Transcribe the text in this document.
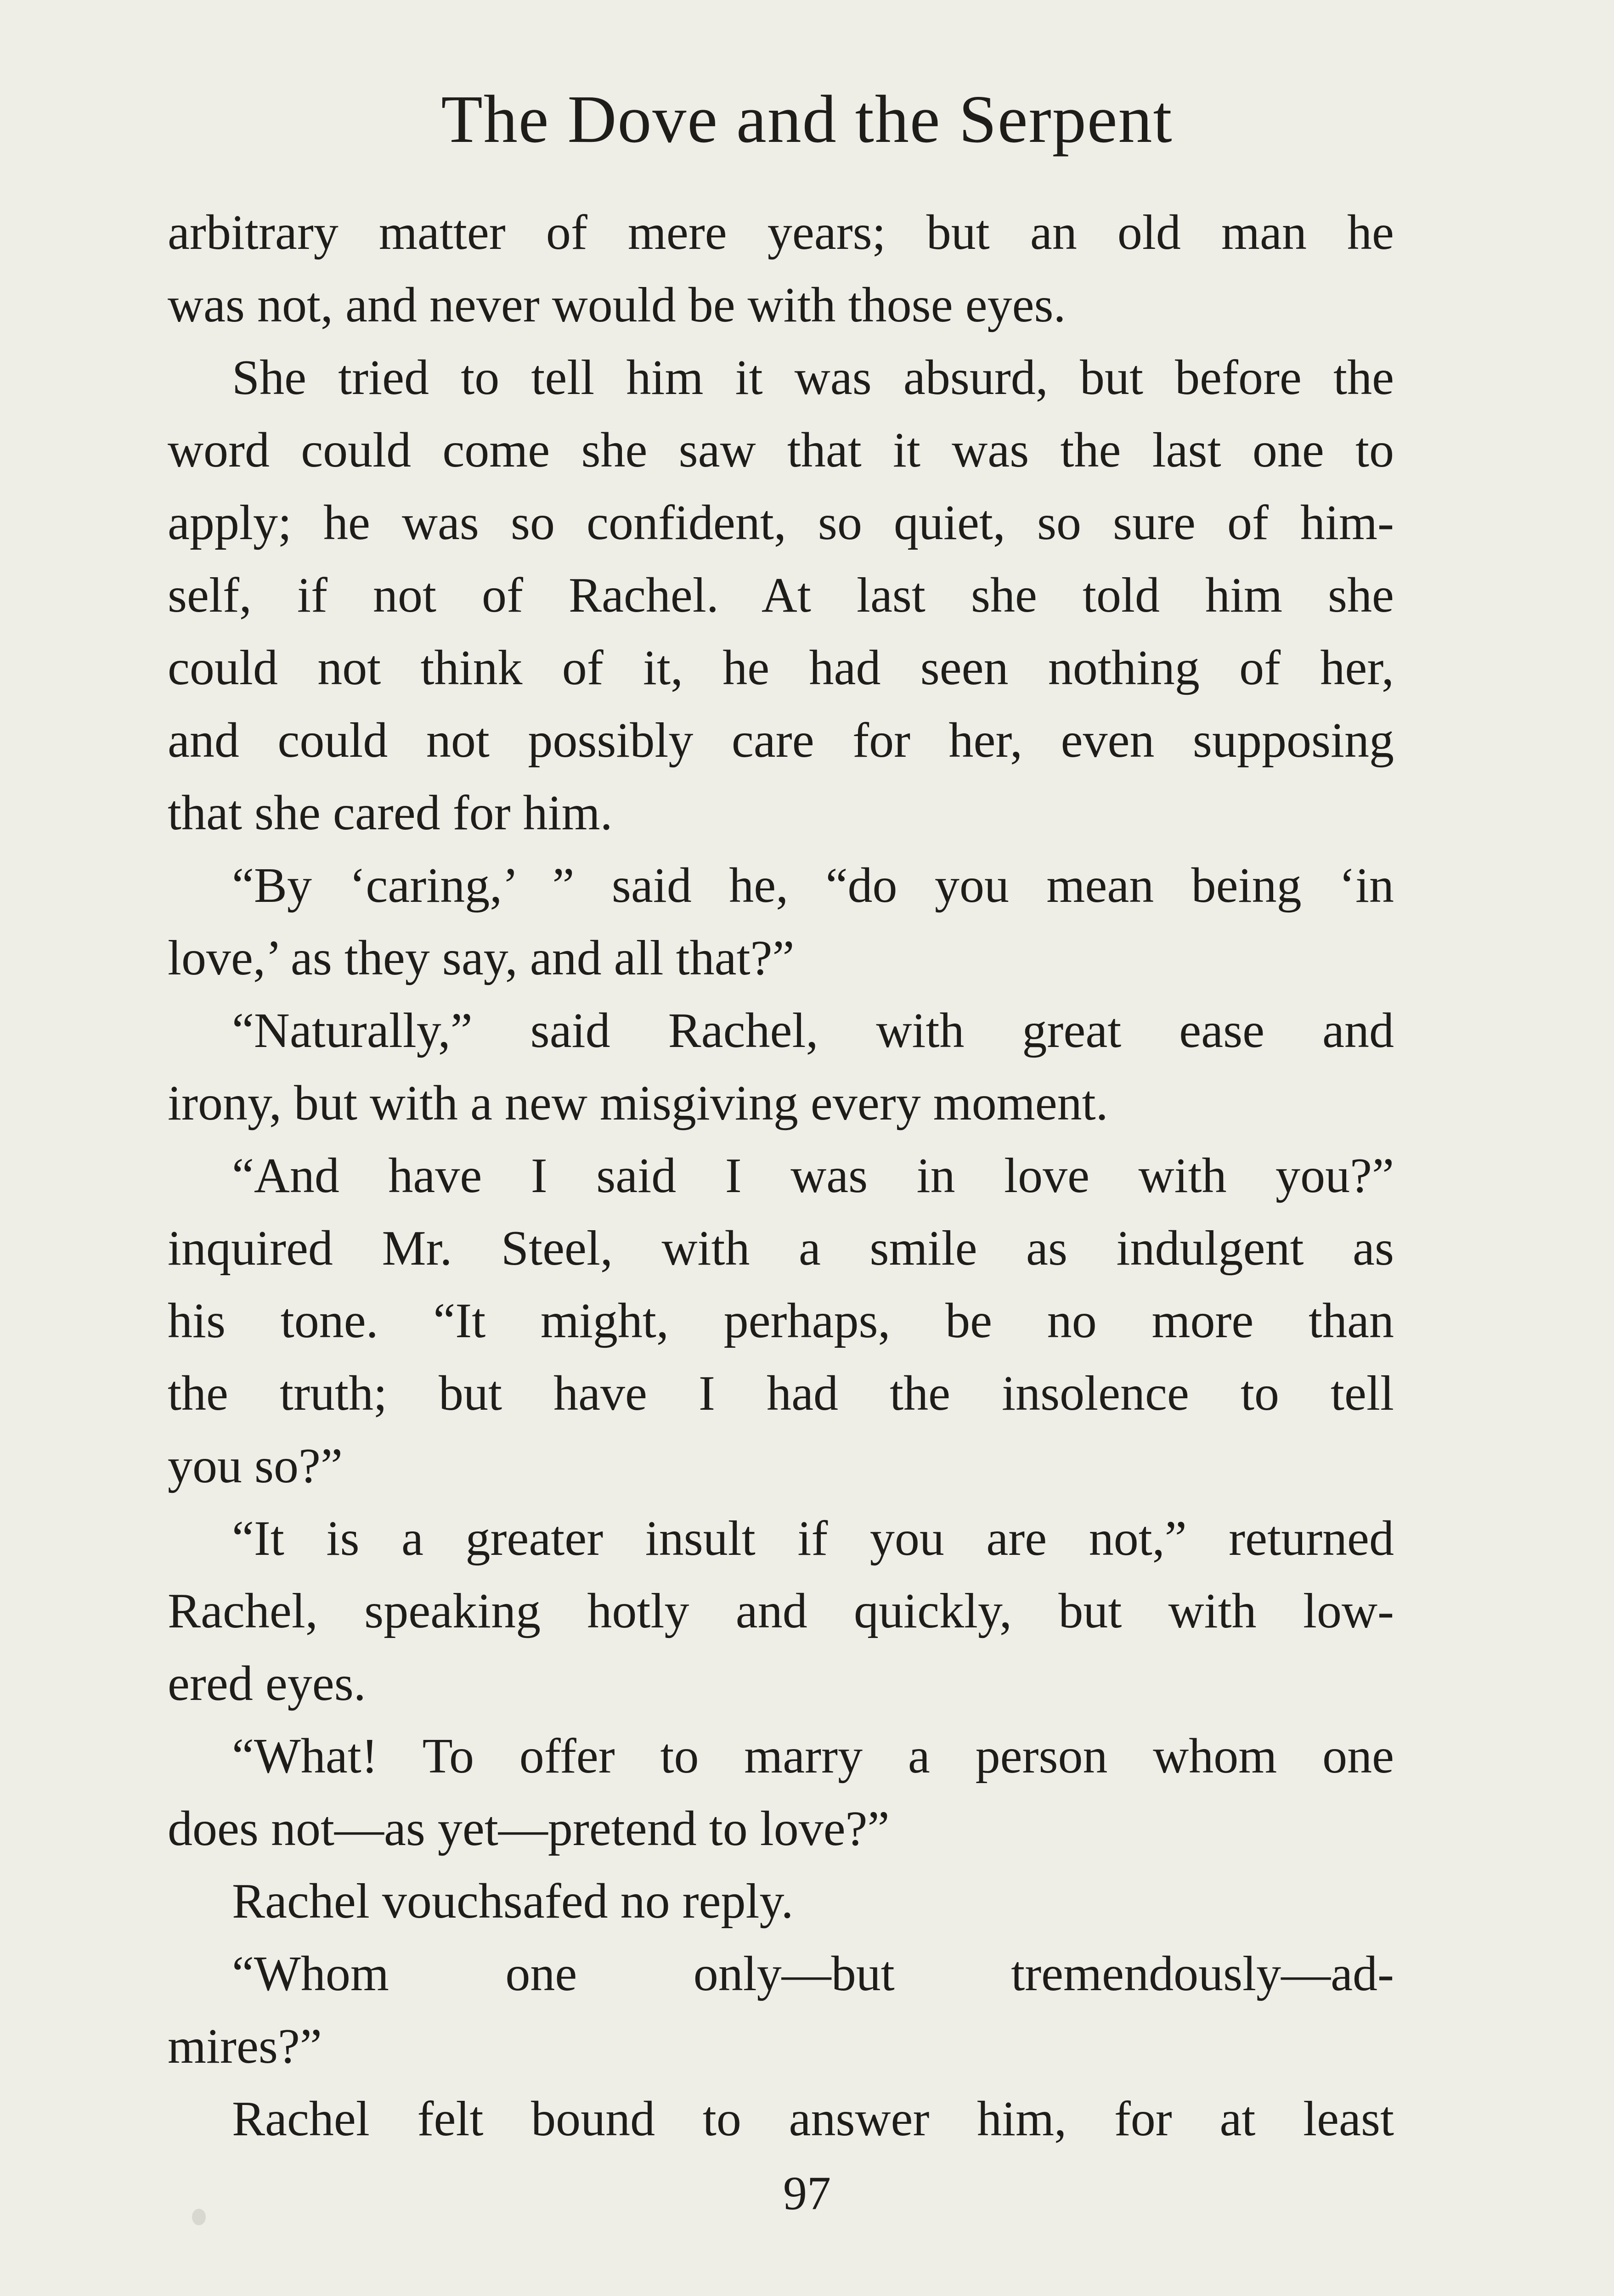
The Dove and the Serpent
arbitrary matter of mere years; but an old man he
was not, and never would be with those eyes.
She tried to tell him it was absurd, but before the
word could come she saw that it was the last one to
apply; he was so confident, so quiet, so sure of him-
self, if not of Rachel. At last she told him she
could not think of it, he had seen nothing of her,
and could not possibly care for her, even supposing
that she cared for him.
“By ‘caring,’ ” said he, “do you mean being ‘in
love,’ as they say, and all that?”
“Naturally,” said Rachel, with great ease and
irony, but with a new misgiving every moment.
“And have I said I was in love with you?”
inquired Mr. Steel, with a smile as indulgent as
his tone. “It might, perhaps, be no more than
the truth; but have I had the insolence to tell
you so?”
“It is a greater insult if you are not,” returned
Rachel, speaking hotly and quickly, but with low-
ered eyes.
“What! To offer to marry a person whom one
does not—as yet—pretend to love?”
Rachel vouchsafed no reply.
“Whom one only—but tremendously—ad-
mires?”
Rachel felt bound to answer him, for at least
97
